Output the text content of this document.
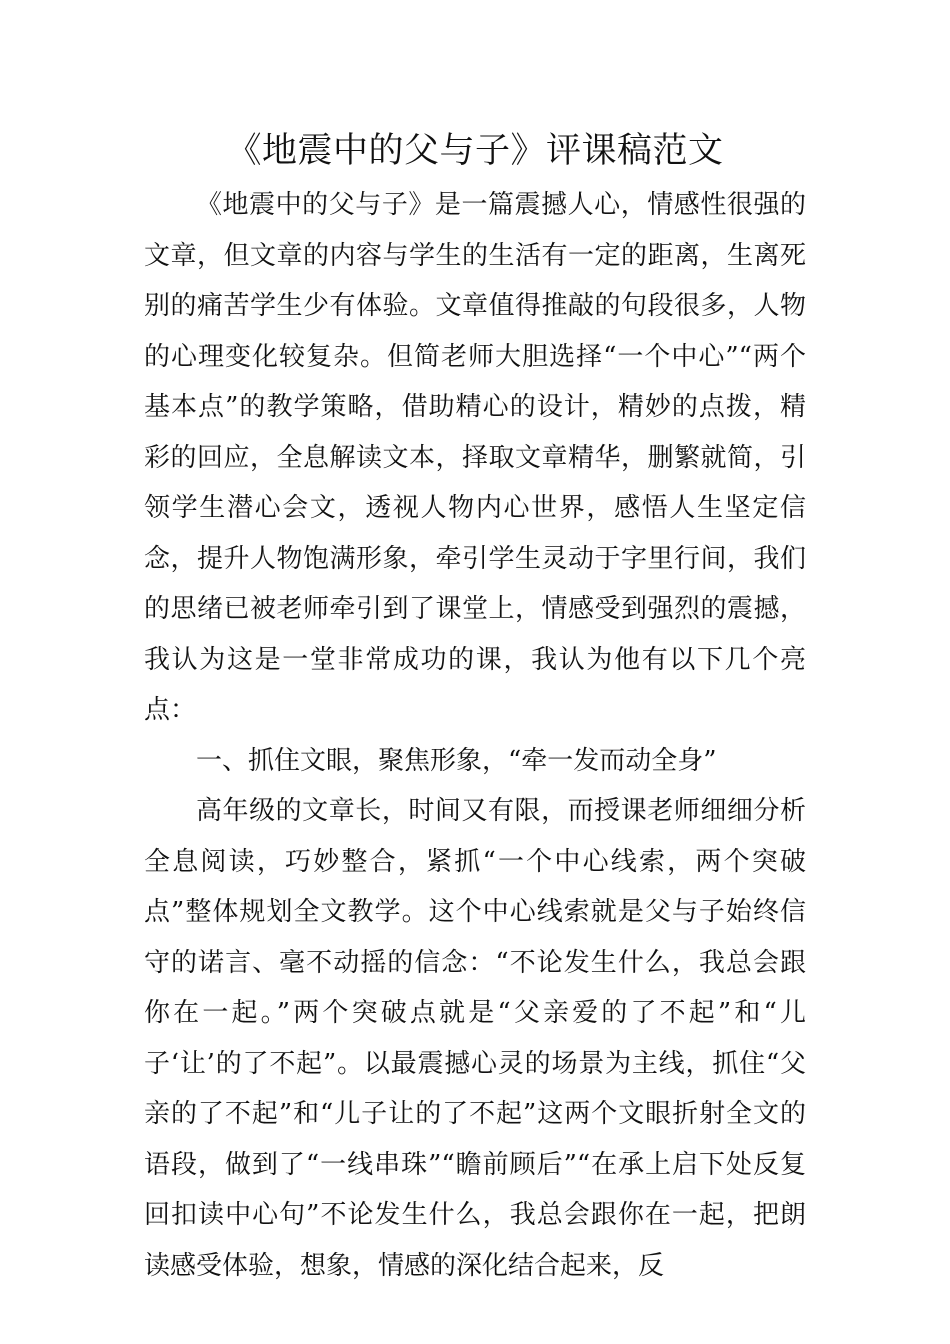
《地震中的父与子》评课稿范文

《地震中的父与子》是一篇震撼人心，情感性很强的文章，但文章的内容与学生的生活有一定的距离，生离死别的痛苦学生少有体验。文章值得推敲的句段很多，人物的心理变化较复杂。但简老师大胆选择“一个中心”“两个基本点”的教学策略，借助精心的设计，精妙的点拨，精彩的回应，全息解读文本，择取文章精华，删繁就简，引领学生潜心会文，透视人物内心世界，感悟人生坚定信念，提升人物饱满形象，牵引学生灵动于字里行间，我们的思绪已被老师牵引到了课堂上，情感受到强烈的震撼，我认为这是一堂非常成功的课，我认为他有以下几个亮点：

一、抓住文眼，聚焦形象，“牵一发而动全身”

高年级的文章长，时间又有限，而授课老师细细分析全息阅读，巧妙整合，紧抓“一个中心线索，两个突破点”整体规划全文教学。这个中心线索就是父与子始终信守的诺言、毫不动摇的信念：“不论发生什么，我总会跟你在一起。”两个突破点就是“父亲爱的了不起”和“儿子‘让’的了不起”。以最震撼心灵的场景为主线，抓住“父亲的了不起”和“儿子让的了不起”这两个文眼折射全文的语段，做到了“一线串珠”“瞻前顾后”“在承上启下处反复回扣读中心句”不论发生什么，我总会跟你在一起，把朗读感受体验，想象，情感的深化结合起来，反
